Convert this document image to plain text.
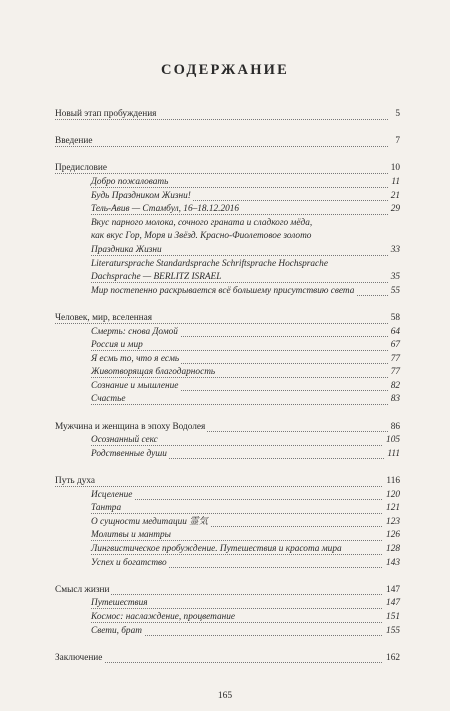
СОДЕРЖАНИЕ
Новый этап пробуждения	5
Введение	7
Предисловие	10
Добро пожаловать	11
Будь Праздником Жизни!	21
Тель-Авив — Стамбул, 16–18.12.2016	29
Вкус парного молока, сочного граната и сладкого мёда,
как вкус Гор, Моря и Звёзд. Красно-Фиолетовое золото
Праздника Жизни	33
Literatursprache Standardsprache Schriftsprache Hochsprache
Dachsprache — BERLITZ ISRAEL	35
Мир постепенно раскрывается всё большему присутствию света	55
Человек, мир, вселенная	58
Смерть: снова Домой	64
Россия и мир	67
Я есмь то, что я есмь	77
Животворящая благодарность	77
Сознание и мышление	82
Счастье	83
Мужчина и женщина в эпоху Водолея	86
Осознанный секс	105
Родственные души	111
Путь духа	116
Исцеление	120
Тантра	121
О сущности медитации 霊気	123
Молитвы и мантры	126
Лингвистическое пробуждение. Путешествия и красота мира	128
Успех и богатство	143
Смысл жизни	147
Путешествия	147
Космос: наслаждение, процветание	151
Свети, брат	155
Заключение	162
165
